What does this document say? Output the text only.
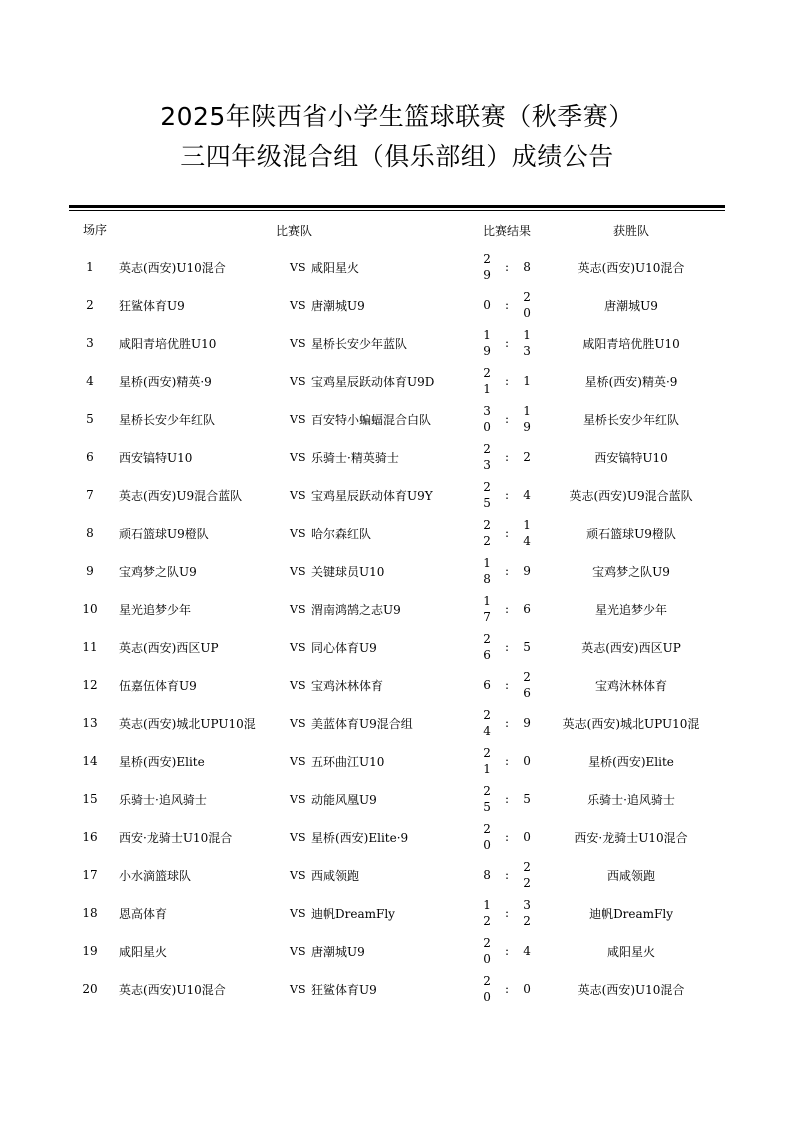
2025年陕西省小学生篮球联赛（秋季赛）
三四年级混合组（俱乐部组）成绩公告
场序	比赛队			比赛结果			获胜队
1	英志(西安)U10混合	VS	咸阳星火	29	:	8	英志(西安)U10混合
2	狂鲨体育U9	VS	唐潮城U9	0	:	20	唐潮城U9
3	咸阳青培优胜U10	VS	星桥长安少年蓝队	19	:	13	咸阳青培优胜U10
4	星桥(西安)精英·9	VS	宝鸡星辰跃动体育U9D	21	:	1	星桥(西安)精英·9
5	星桥长安少年红队	VS	百安特小蝙蝠混合白队	30	:	19	星桥长安少年红队
6	西安镐特U10	VS	乐骑士·精英骑士	23	:	2	西安镐特U10
7	英志(西安)U9混合蓝队	VS	宝鸡星辰跃动体育U9Y	25	:	4	英志(西安)U9混合蓝队
8	顽石篮球U9橙队	VS	哈尔森红队	22	:	14	顽石篮球U9橙队
9	宝鸡梦之队U9	VS	关键球员U10	18	:	9	宝鸡梦之队U9
10	星光追梦少年	VS	渭南鸿鹄之志U9	17	:	6	星光追梦少年
11	英志(西安)西区UP	VS	同心体育U9	26	:	5	英志(西安)西区UP
12	伍嘉伍体育U9	VS	宝鸡沐林体育	6	:	26	宝鸡沐林体育
13	英志(西安)城北UPU10混	VS	美蓝体育U9混合组	24	:	9	英志(西安)城北UPU10混
14	星桥(西安)Elite	VS	五环曲江U10	21	:	0	星桥(西安)Elite
15	乐骑士·追风骑士	VS	动能风凰U9	25	:	5	乐骑士·追风骑士
16	西安·龙骑士U10混合	VS	星桥(西安)Elite·9	20	:	0	西安·龙骑士U10混合
17	小水滴篮球队	VS	西咸领跑	8	:	22	西咸领跑
18	恩高体育	VS	迪帆DreamFly	12	:	32	迪帆DreamFly
19	咸阳星火	VS	唐潮城U9	20	:	4	咸阳星火
20	英志(西安)U10混合	VS	狂鲨体育U9	20	:	0	英志(西安)U10混合
